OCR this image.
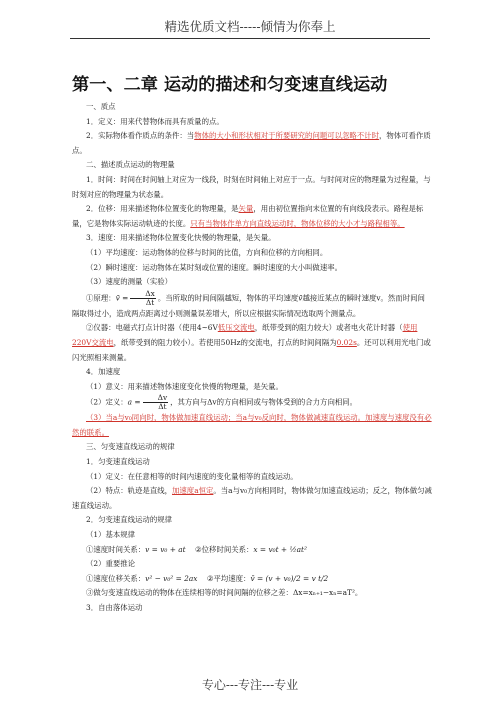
精选优质文档-----倾情为你奉上
第一、二章 运动的描述和匀变速直线运动

一、质点

1．定义：用来代替物体而具有质量的点。

2．实际物体看作质点的条件：当物体的大小和形状相对于所要研究的问题可以忽略不计时，物体可看作质点。

二、描述质点运动的物理量

1．时间：时间在时间轴上对应为一线段，时刻在时间轴上对应于一点。与时间对应的物理量为过程量，与时刻对应的物理量为状态量。

2．位移：用来描述物体位置变化的物理量，是矢量，用由初位置指向末位置的有向线段表示。路程是标量，它是物体实际运动轨迹的长度。只有当物体作单方向直线运动时，物体位移的大小才与路程相等。

3．速度：用来描述物体位置变化快慢的物理量，是矢量。

（1）平均速度：运动物体的位移与时间的比值，方向和位移的方向相同。

（2）瞬时速度：运动物体在某时刻或位置的速度。瞬时速度的大小叫做速率。

（3）速度的测量（实验）

①原理：v̄ = $\frac{\Delta x}{\Delta t}$ 。当所取的时间间隔越短，物体的平均速度v̄越接近某点的瞬时速度v。然而时间间隔取得过小，造成两点距离过小则测量误差增大，所以应根据实际情况选取两个测量点。

②仪器：电磁式打点计时器（使用4~6V低压交流电，纸带受到的阻力较大）或者电火花计时器（使用220V交流电，纸带受到的阻力较小）。若使用50Hz的交流电，打点的时间间隔为0.02s。还可以利用光电门或闪光照相来测量。

4．加速度

（1）意义：用来描述物体速度变化快慢的物理量，是矢量。

（2）定义：$a = \frac{\Delta v}{\Delta t}$ ，其方向与Δv的方向相同或与物体受到的合力方向相同。

（3）当a与v₀同向时，物体做加速直线运动；当a与v₀反向时，物体做减速直线运动。加速度与速度没有必然的联系。

三、匀变速直线运动的规律

1．匀变速直线运动

（1）定义：在任意相等的时间内速度的变化量相等的直线运动。

（2）特点：轨迹是直线，加速度a恒定。当a与v₀方向相同时，物体做匀加速直线运动；反之，物体做匀减速直线运动。

2．匀变速直线运动的规律

（1）基本规律

①速度时间关系：v = v₀ + at ②位移时间关系：x = v₀t + ½at²

（2）重要推论

①速度位移关系：v² − v₀² = 2ax ②平均速度：v̄ = (v + v₀)/2 = v t/2

③做匀变速直线运动的物体在连续相等的时间间隔的位移之差：Δx=xₙ₊₁−xₙ=aT²。

3．自由落体运动

专心---专注---专业
